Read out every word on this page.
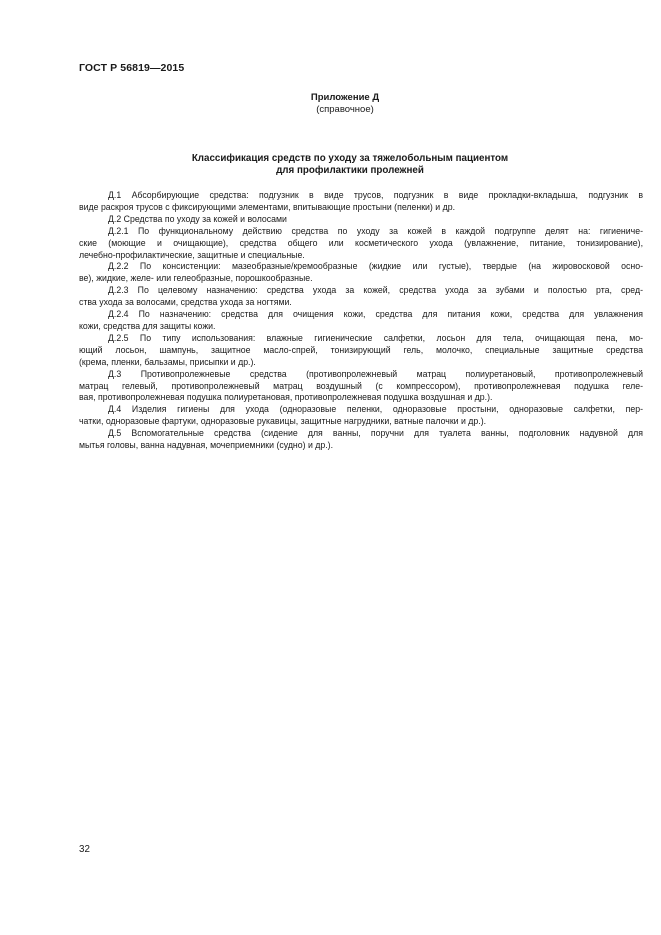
ГОСТ Р 56819—2015
Приложение Д
(справочное)
Классификация средств по уходу за тяжелобольным пациентом
для профилактики пролежней

Д.1 Абсорбирующие средства: подгузник в виде трусов, подгузник в виде прокладки-вкладыша, подгузник в
виде раскроя трусов с фиксирующими элементами, впитывающие простыни (пеленки) и др.

Д.2 Средства по уходу за кожей и волосами

Д.2.1 По функциональному действию средства по уходу за кожей в каждой подгруппе делят на: гигиениче-
ские (моющие и очищающие), средства общего или косметического ухода (увлажнение, питание, тонизирование),
лечебно-профилактические, защитные и специальные.

Д.2.2 По консистенции: мазеобразные/кремообразные (жидкие или густые), твердые (на жировосковой осно-
ве), жидкие, желе- или гелеобразные, порошкообразные.

Д.2.3 По целевому назначению: средства ухода за кожей, средства ухода за зубами и полостью рта, сред-
ства ухода за волосами, средства ухода за ногтями.

Д.2.4 По назначению: средства для очищения кожи, средства для питания кожи, средства для увлажнения
кожи, средства для защиты кожи.

Д.2.5 По типу использования: влажные гигиенические салфетки, лосьон для тела, очищающая пена, мо-
ющий лосьон, шампунь, защитное масло-спрей, тонизирующий гель, молочко, специальные защитные средства
(крема, пленки, бальзамы, присыпки и др.).

Д.3 Противопролежневые средства (противопролежневый матрац полиуретановый, противопролежневый
матрац гелевый, противопролежневый матрац воздушный (с компрессором), противопролежневая подушка геле-
вая, противопролежневая подушка полиуретановая, противопролежневая подушка воздушная и др.).

Д.4 Изделия гигиены для ухода (одноразовые пеленки, одноразовые простыни, одноразовые салфетки, пер-
чатки, одноразовые фартуки, одноразовые рукавицы, защитные нагрудники, ватные палочки и др.).

Д.5 Вспомогательные средства (сидение для ванны, поручни для туалета ванны, подголовник надувной для
мытья головы, ванна надувная, мочеприемники (судно) и др.).

32
